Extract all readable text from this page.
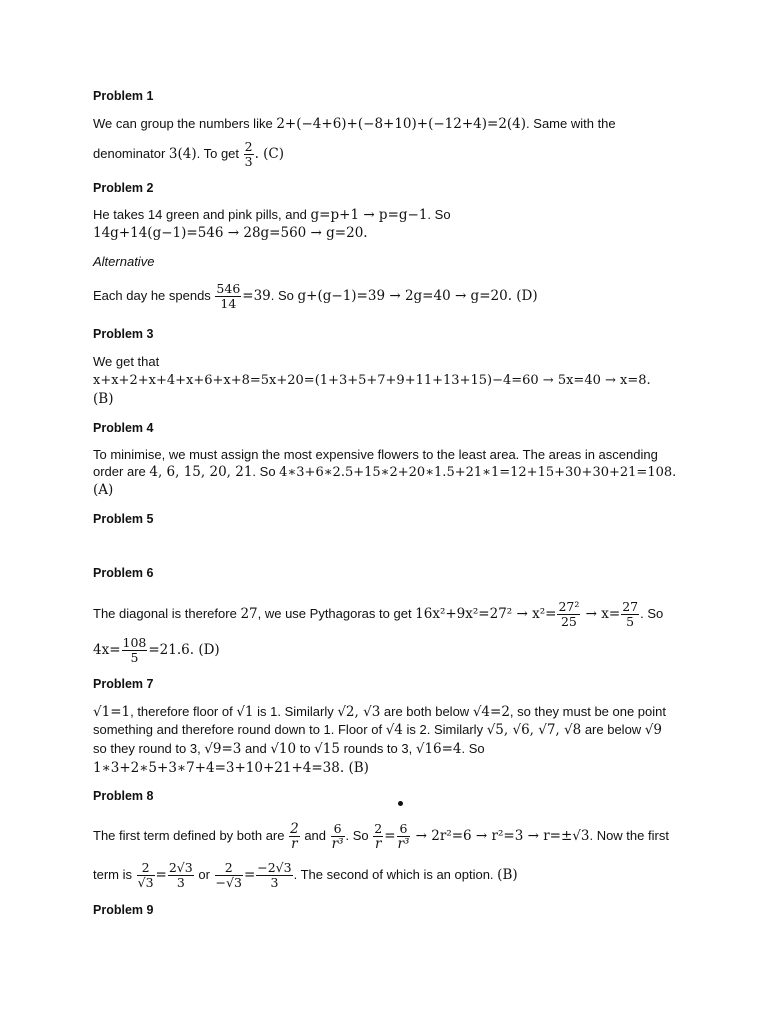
Problem 1
We can group the numbers like 2+(−4+6)+(−8+10)+(−12+4)=2(4). Same with the
denominator 3(4). To get $\frac{2}{3}$ . (C)
Problem 2
He takes 14 green and pink pills, and g=p+1 → p=g−1. So
14g+14(g−1)=546 → 28g=560 → g=20.
Alternative
Each day he spends $\frac{546}{14} =39$. So g+(g−1)=39 → 2g=40 → g=20. (D)
Problem 3
We get that
x+x+2+x+4+x+6+x+8=5x+20=(1+3+5+7+9+11+13+15)−4=60 → 5x=40 → x=8.
(B)
Problem 4
To minimise, we must assign the most expensive flowers to the least area. The areas in ascending
order are 4, 6, 15, 20, 21. So 4∗3+6∗2.5+15∗2+20∗1.5+21∗1=12+15+30+30+21=108.
(A)
Problem 5
Problem 6
The diagonal is therefore 27, we use Pythagoras to get $16x^2+9x^2=27^2 \to x^2= \frac{\text{27²}}{25} \to x= \frac{27}{5}$ . So
$4x= \frac{108}{5} =21.6$. (D)
Problem 7
√1=1, therefore floor of √1 is 1. Similarly √2, √3 are both below √4=2, so they must be one point
something and therefore round down to 1. Floor of √4 is 2. Similarly √5, √6, √7, √8 are below √9
so they round to 3, √9=3 and √10 to √15 rounds to 3, √16=4. So
1∗3+2∗5+3∗7+4=3+10+21+4=38. (B)
Problem 8
The first term defined by both are $\frac{2}{r}$ and $\frac{6}{\text{r³}}$ . So $\frac{2}{r} = \frac{6}{\text{r³}} \to 2r^2=6 \to r^2=3 \to r=\pm√3$. Now the first
term is $\frac{2}{√3} = \frac{2√3}{3}$ or $\frac{2}{-√3} = \frac{-2√3}{3}$ . The second of which is an option. (B)
Problem 9
